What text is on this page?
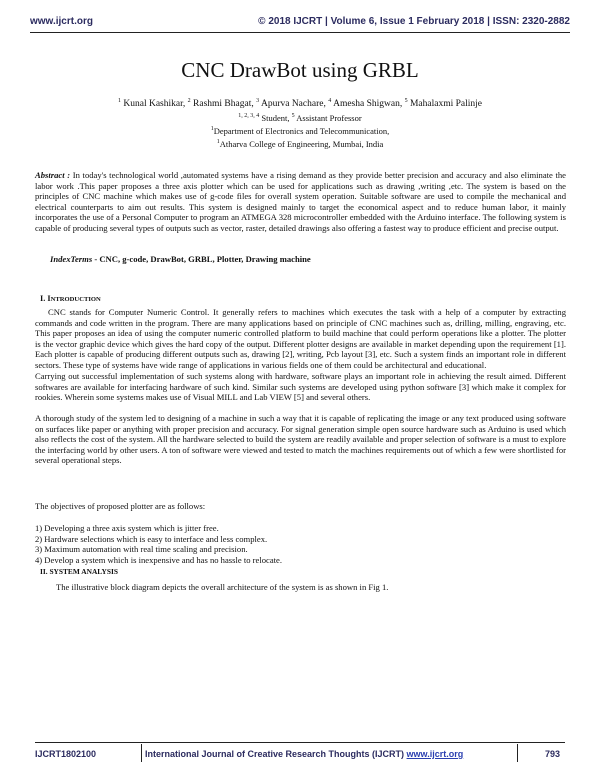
www.ijcrt.org	© 2018 IJCRT | Volume 6, Issue 1 February 2018 | ISSN: 2320-2882
CNC DrawBot using GRBL
$^1$ Kunal Kashikar, $^2$ Rashmi Bhagat, $^3$ Apurva Nachare, $^4$ Amesha Shigwan, $^5$ Mahalaxmi Palinje
$^{1, 2, 3, 4}$ Student, $^5$ Assistant Professor
$^1$Department of Electronics and Telecommunication,
$^1$Atharva College of Engineering, Mumbai, India

Abstract : In today's technological world ,automated systems have a rising demand as they provide better precision and accuracy and also eliminate the labor work .This paper proposes a three axis plotter which can be used for applications such as drawing ,writing ,etc. The system is based on the principles of CNC machine which makes use of g-code files for overall system operation. Suitable software are used to compile the mechanical and electrical counterparts to aim out results. This system is designed mainly to target the economical aspect and to reduce human labor, it mainly incorporates the use of a Personal Computer to program an ATMEGA 328 microcontroller embedded with the Arduino interface. The following system is capable of producing several types of outputs such as vector, raster, detailed drawings also offering a fastest way to produce efficient and precise output.

IndexTerms - CNC, g-code, DrawBot, GRBL, Plotter, Drawing machine
I. INTRODUCTION

CNC stands for Computer Numeric Control. It generally refers to machines which executes the task with a help of a computer by extracting commands and code written in the program. There are many applications based on principle of CNC machines such as, drilling, milling, engraving, etc. This paper proposes an idea of using the computer numeric controlled platform to build machine that could perform operations like a plotter. The plotter is the vector graphic device which gives the hard copy of the output. Different plotter designs are available in market depending upon the requirement [1]. Each plotter is capable of producing different outputs such as, drawing [2], writing, Pcb layout [3], etc. Such a system finds an important role in different sectors. These type of systems have wide range of applications in various fields one of them could be architectural and educational.

Carrying out successful implementation of such systems along with hardware, software plays an important role in achieving the result aimed. Different softwares are available for interfacing hardware of such kind. Similar such systems are developed using python software [3] which make it complex for rookies. Wherein some systems makes use of Visual MILL and Lab VIEW [5] and several others.

A thorough study of the system led to designing of a machine in such a way that it is capable of replicating the image or any text produced using software on surfaces like paper or anything with proper precision and accuracy. For signal generation simple open source hardware such as Arduino is used which also reflects the cost of the system. All the hardware selected to build the system are readily available and proper selection of software is a must to explore the interfacing world by other users. A ton of software were viewed and tested to match the machines requirements out of which a few were shortlisted for several operational steps.

The objectives of proposed plotter are as follows:

1) Developing a three axis system which is jitter free.
2) Hardware selections which is easy to interface and less complex.
3) Maximum automation with real time scaling and precision.
4) Develop a system which is inexpensive and has no hassle to relocate.
II. SYSTEM ANALYSIS

The illustrative block diagram depicts the overall architecture of the system is as shown in Fig 1.

IJCRT1802100	International Journal of Creative Research Thoughts (IJCRT) www.ijcrt.org	793
